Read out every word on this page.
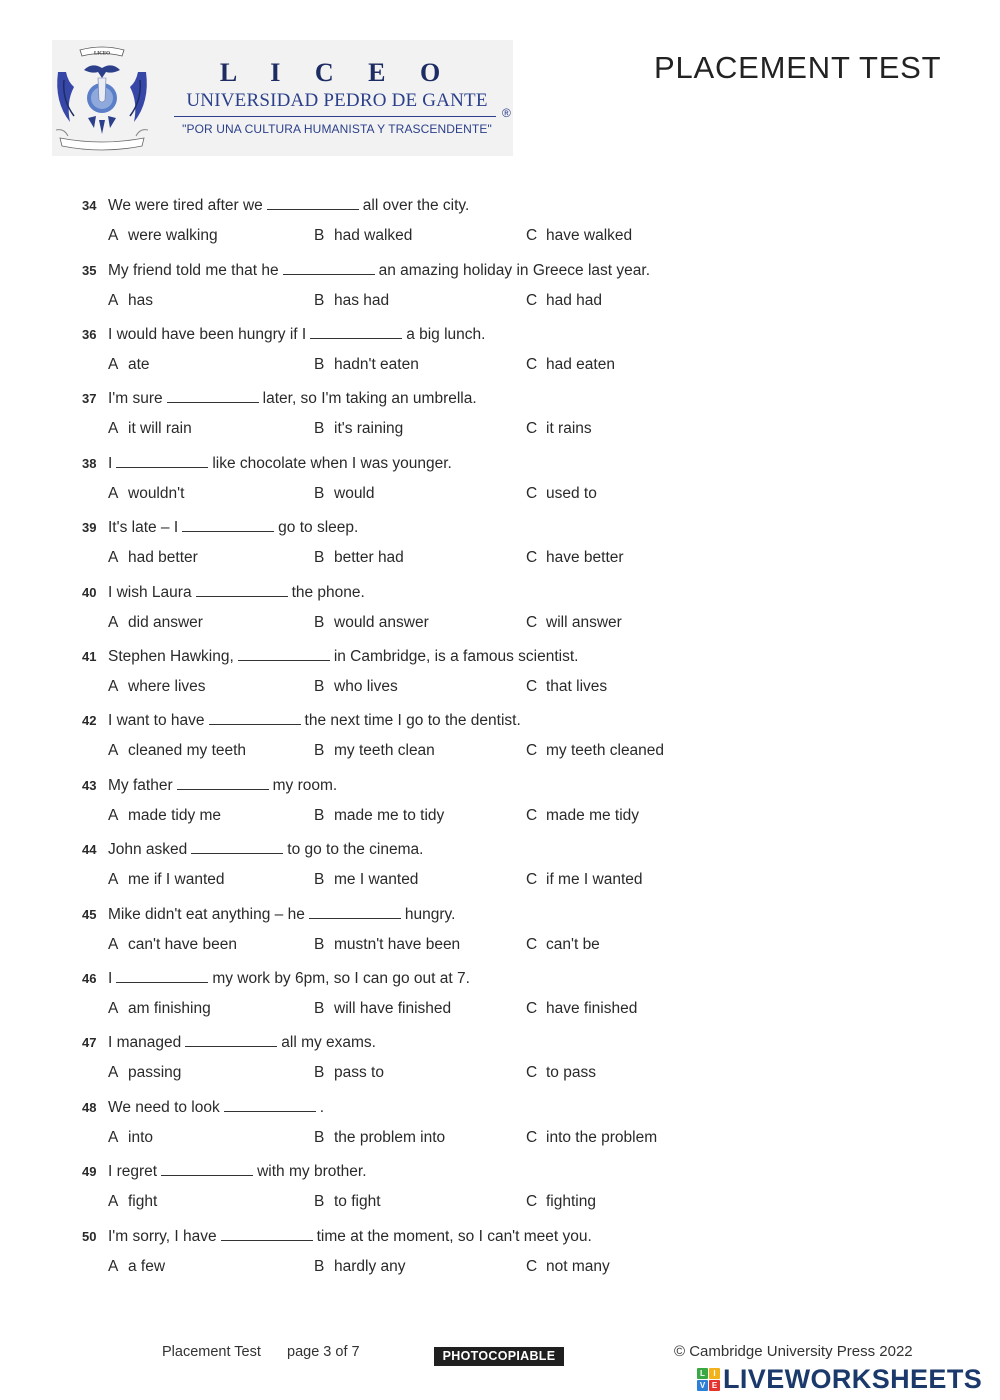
LICEO
L I C E O
UNIVERSIDAD PEDRO DE GANTE
®
"POR UNA CULTURA HUMANISTA Y TRASCENDENTE"
PLACEMENT TEST
34 We were tired after we	all over the city.
A were walking	B had walked	C have walked
35 My friend told me that he	an amazing holiday in Greece last year.
A has	B has had	C had had
36 I would have been hungry if I	a big lunch.
A ate	B hadn't eaten	C had eaten
37 I'm sure	later, so I'm taking an umbrella.
A it will rain	B it's raining	C it rains
38 I	like chocolate when I was younger.
A wouldn't	B would	C used to
39 It's late – I	go to sleep.
A had better	B better had	C have better
40 I wish Laura	the phone.
A did answer	B would answer	C will answer
41 Stephen Hawking,	in Cambridge, is a famous scientist.
A where lives	B who lives	C that lives
42 I want to have	the next time I go to the dentist.
A cleaned my teeth	B my teeth clean	C my teeth cleaned
43 My father	my room.
A made tidy me	B made me to tidy	C made me tidy
44 John asked	to go to the cinema.
A me if I wanted	B me I wanted	C if me I wanted
45 Mike didn't eat anything – he	hungry.
A can't have been	B mustn't have been	C can't be
46 I	my work by 6pm, so I can go out at 7.
A am finishing	B will have finished	C have finished
47 I managed	all my exams.
A passing	B pass to	C to pass
48 We need to look	.
A into	B the problem into	C into the problem
49 I regret	with my brother.
A fight	B to fight	C fighting
50 I'm sorry, I have	time at the moment, so I can't meet you.
A a few	B hardly any	C not many
Placement Test page 3 of 7	PHOTOCOPIABLE	© Cambridge University Press 2022
L	I
V E LIVEWORKSHEETS
